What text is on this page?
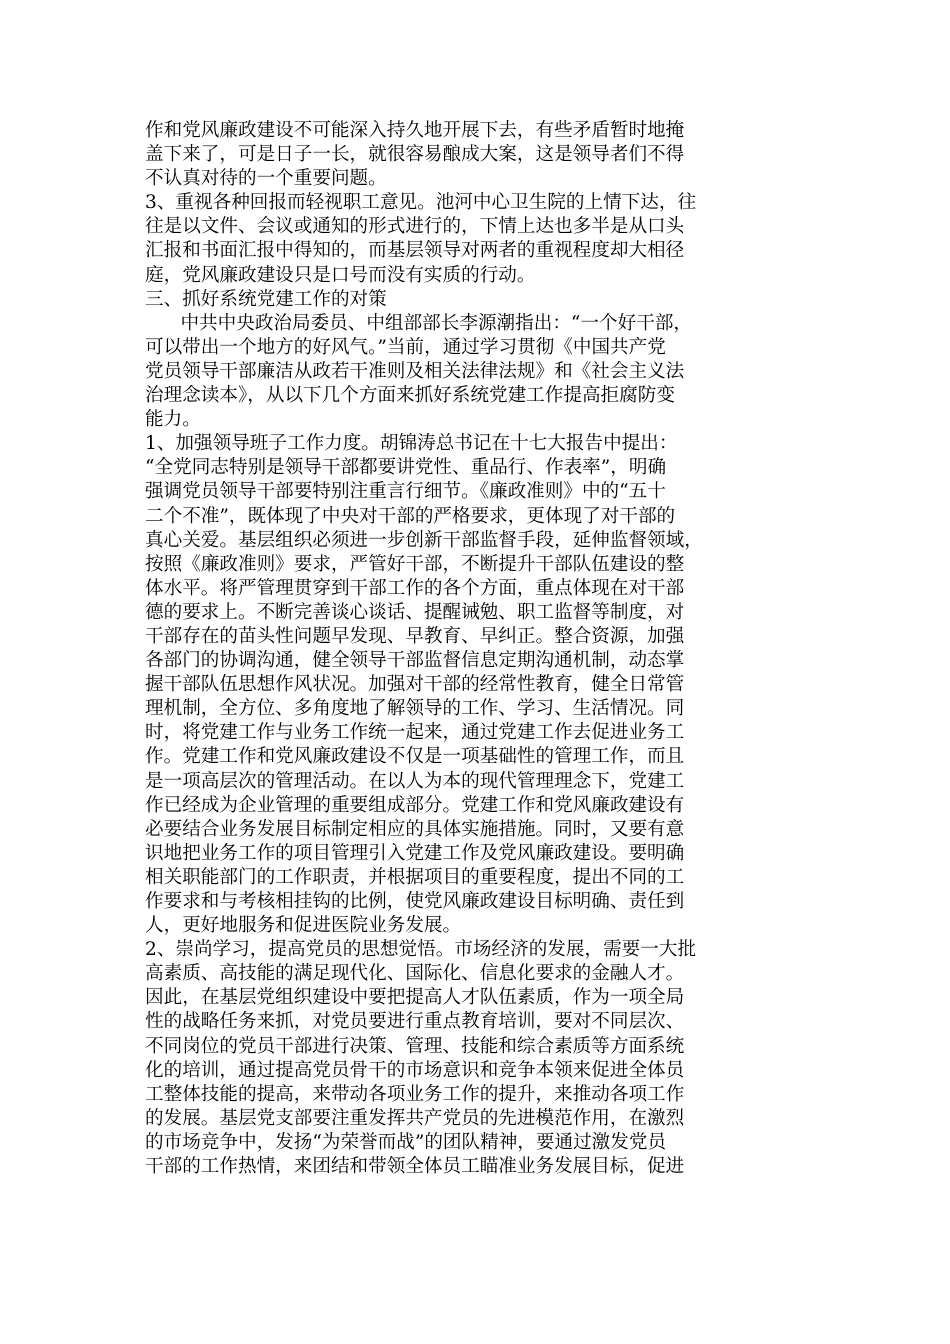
作和党风廉政建设不可能深入持久地开展下去，有些矛盾暂时地掩
盖下来了，可是日子一长，就很容易酿成大案，这是领导者们不得
不认真对待的一个重要问题。
3、重视各种回报而轻视职工意见。池河中心卫生院的上情下达，往
往是以文件、会议或通知的形式进行的，下情上达也多半是从口头
汇报和书面汇报中得知的，而基层领导对两者的重视程度却大相径
庭，党风廉政建设只是口号而没有实质的行动。
三、抓好系统党建工作的对策
中共中央政治局委员、中组部部长李源潮指出：“一个好干部，
可以带出一个地方的好风气。”当前，通过学习贯彻《中国共产党
党员领导干部廉洁从政若干准则及相关法律法规》和《社会主义法
治理念读本》，从以下几个方面来抓好系统党建工作提高拒腐防变
能力。
1、加强领导班子工作力度。胡锦涛总书记在十七大报告中提出：
“全党同志特别是领导干部都要讲党性、重品行、作表率”，明确
强调党员领导干部要特别注重言行细节。《廉政准则》中的“五十
二个不准”，既体现了中央对干部的严格要求，更体现了对干部的
真心关爱。基层组织必须进一步创新干部监督手段，延伸监督领域，
按照《廉政准则》要求，严管好干部，不断提升干部队伍建设的整
体水平。将严管理贯穿到干部工作的各个方面，重点体现在对干部
德的要求上。不断完善谈心谈话、提醒诫勉、职工监督等制度，对
干部存在的苗头性问题早发现、早教育、早纠正。整合资源，加强
各部门的协调沟通，健全领导干部监督信息定期沟通机制，动态掌
握干部队伍思想作风状况。加强对干部的经常性教育，健全日常管
理机制，全方位、多角度地了解领导的工作、学习、生活情况。同
时，将党建工作与业务工作统一起来，通过党建工作去促进业务工
作。党建工作和党风廉政建设不仅是一项基础性的管理工作，而且
是一项高层次的管理活动。在以人为本的现代管理理念下，党建工
作已经成为企业管理的重要组成部分。党建工作和党风廉政建设有
必要结合业务发展目标制定相应的具体实施措施。同时，又要有意
识地把业务工作的项目管理引入党建工作及党风廉政建设。要明确
相关职能部门的工作职责，并根据项目的重要程度，提出不同的工
作要求和与考核相挂钩的比例，使党风廉政建设目标明确、责任到
人，更好地服务和促进医院业务发展。
2、崇尚学习，提高党员的思想觉悟。市场经济的发展，需要一大批
高素质、高技能的满足现代化、国际化、信息化要求的金融人才。
因此，在基层党组织建设中要把提高人才队伍素质，作为一项全局
性的战略任务来抓，对党员要进行重点教育培训，要对不同层次、
不同岗位的党员干部进行决策、管理、技能和综合素质等方面系统
化的培训，通过提高党员骨干的市场意识和竞争本领来促进全体员
工整体技能的提高，来带动各项业务工作的提升，来推动各项工作
的发展。基层党支部要注重发挥共产党员的先进模范作用，在激烈
的市场竞争中，发扬“为荣誉而战”的团队精神，要通过激发党员
干部的工作热情，来团结和带领全体员工瞄准业务发展目标，促进
